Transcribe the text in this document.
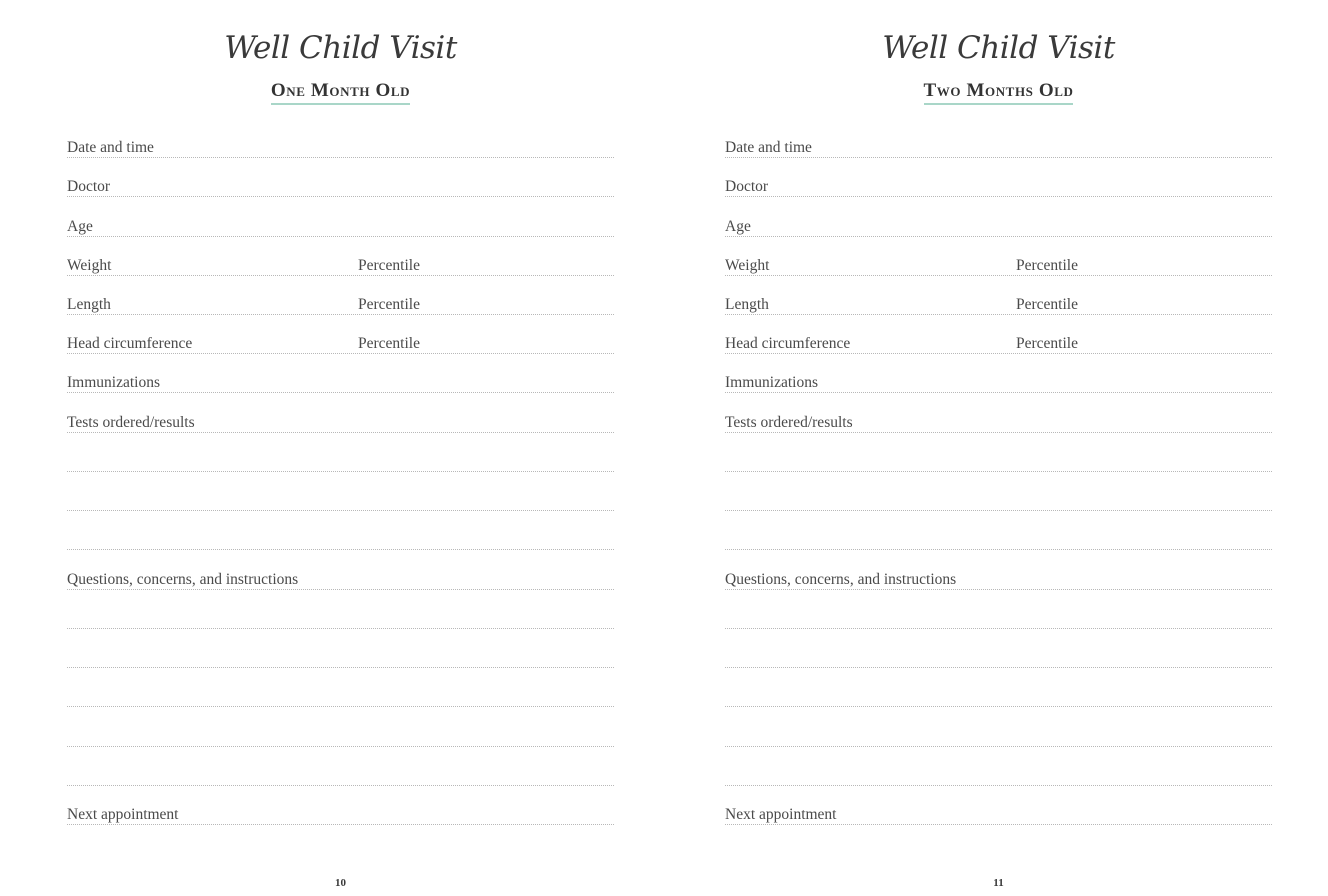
Well Child Visit
One Month Old
Date and time
Doctor
Age
Weight	Percentile
Length	Percentile
Head circumference	Percentile
Immunizations
Tests ordered/results
Questions, concerns, and instructions
Next appointment
10
Well Child Visit
Two Months Old
Date and time
Doctor
Age
Weight	Percentile
Length	Percentile
Head circumference	Percentile
Immunizations
Tests ordered/results
Questions, concerns, and instructions
Next appointment
11
